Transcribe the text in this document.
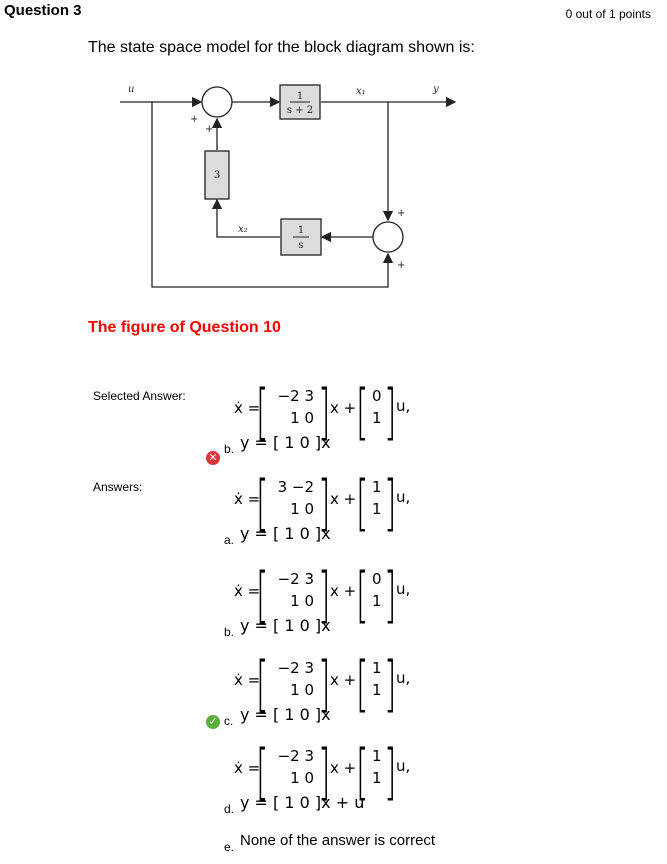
Question 3	0 out of 1 points
The state space model for the block diagram shown is:
1
s + 2
3
1
s
u	y
x₁
x₂
+
+
+
+
The figure of Question 10
Selected Answer:
Answers:
ẋ =
[ −2 3
1 0 ] x + [ 0
1 ] u,
b. y = [ 1 0 ]x
✕
ẋ =
[ 3 −2
1 0 ] x + [ 1
1 ] u,
a. y = [ 1 0 ]x
ẋ =
[ −2 3
1 0 ] x + [ 0
1 ] u,
b. y = [ 1 0 ]x
ẋ =
[ −2 3
1 0 ] x + [ 1
1 ] u,
c. y = [ 1 0 ]x
✓
ẋ =
[ −2 3
1 0 ] x + [ 1
1 ] u,
d. y = [ 1 0 ]x + u
e. None of the answer is correct
